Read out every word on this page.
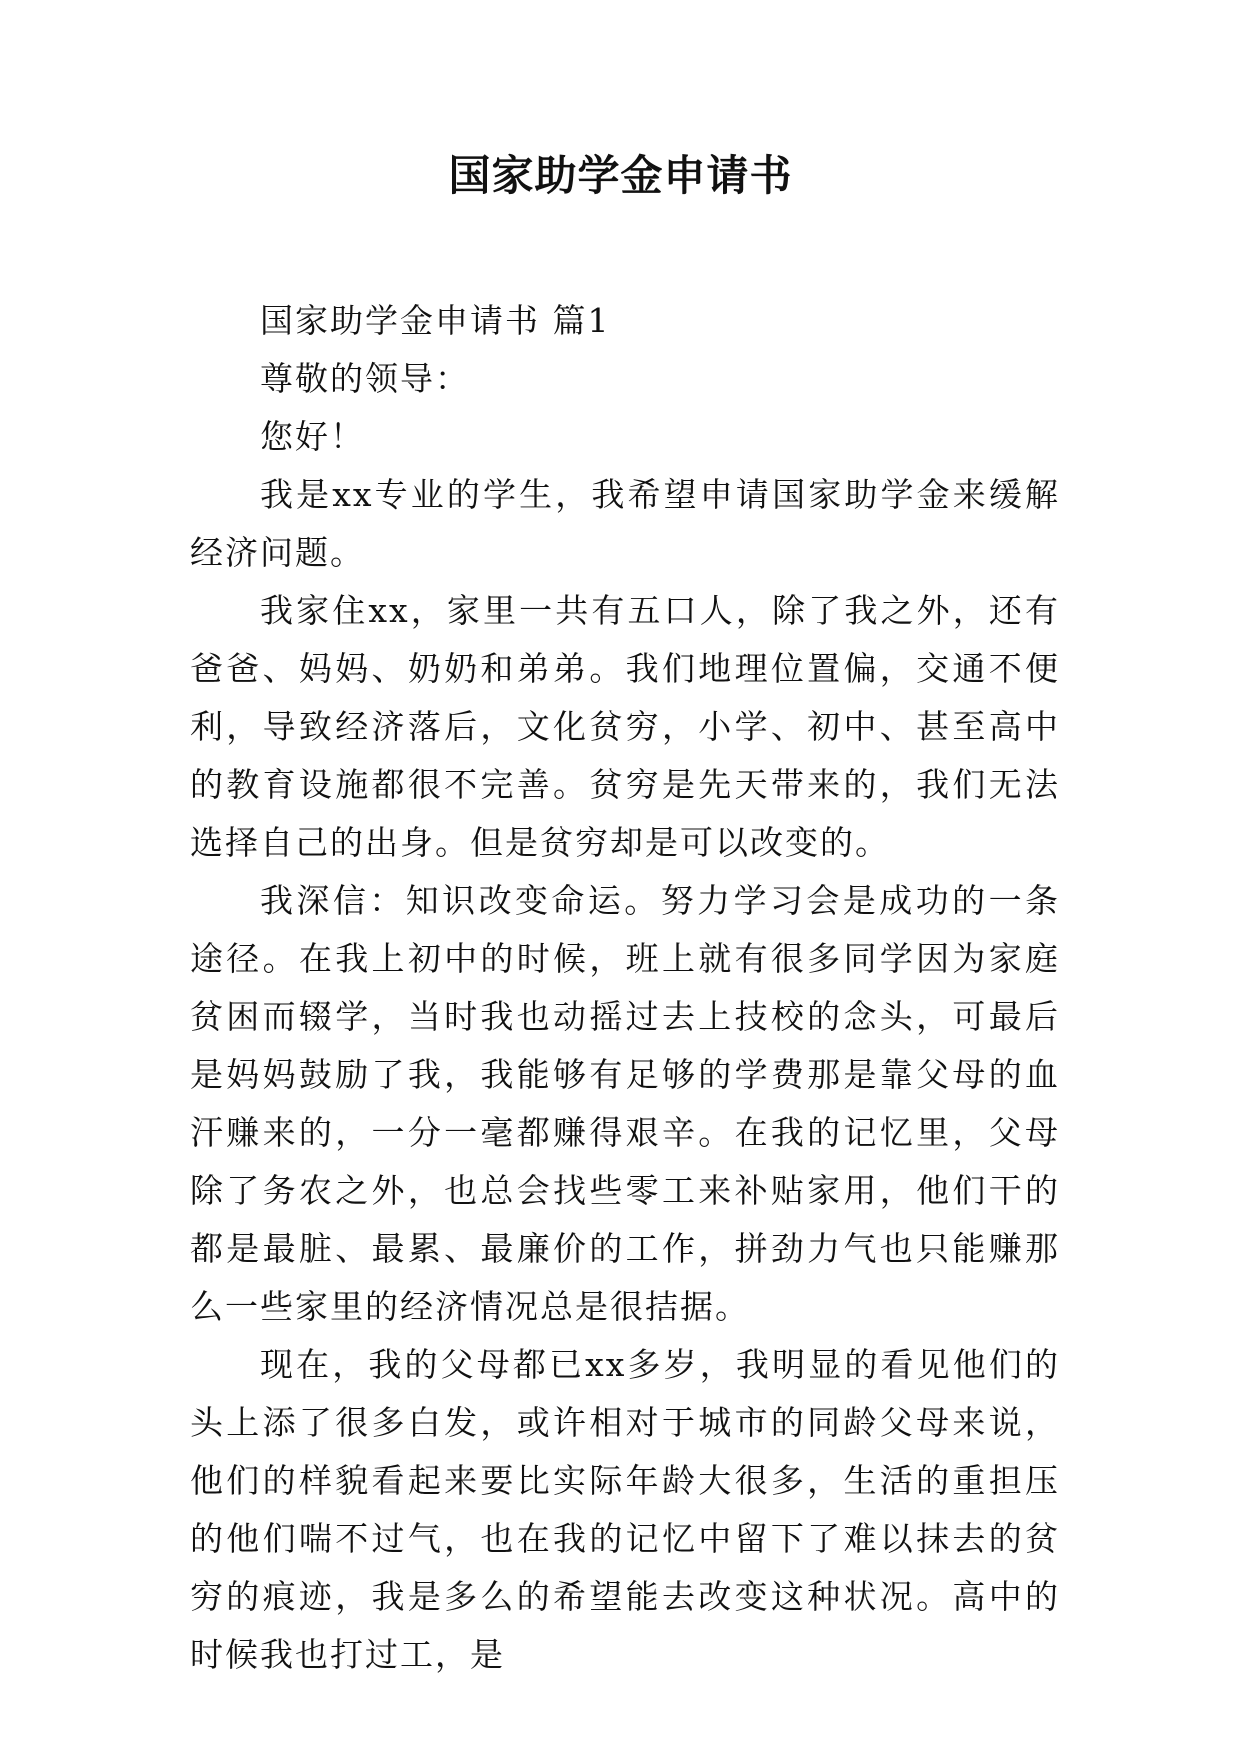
国家助学金申请书

国家助学金申请书 篇1

尊敬的领导：

您好！

我是xx专业的学生，我希望申请国家助学金来缓解经济问题。

我家住xx，家里一共有五口人，除了我之外，还有爸爸、妈妈、奶奶和弟弟。我们地理位置偏，交通不便利，导致经济落后，文化贫穷，小学、初中、甚至高中的教育设施都很不完善。贫穷是先天带来的，我们无法选择自己的出身。但是贫穷却是可以改变的。

我深信：知识改变命运。努力学习会是成功的一条途径。在我上初中的时候，班上就有很多同学因为家庭贫困而辍学，当时我也动摇过去上技校的念头，可最后是妈妈鼓励了我，我能够有足够的学费那是靠父母的血汗赚来的，一分一毫都赚得艰辛。在我的记忆里，父母除了务农之外，也总会找些零工来补贴家用，他们干的都是最脏、最累、最廉价的工作，拼劲力气也只能赚那么一些家里的经济情况总是很拮据。

现在，我的父母都已xx多岁，我明显的看见他们的头上添了很多白发，或许相对于城市的同龄父母来说，他们的样貌看起来要比实际年龄大很多，生活的重担压的他们喘不过气，也在我的记忆中留下了难以抹去的贫穷的痕迹，我是多么的希望能去改变这种状况。高中的时候我也打过工，是
